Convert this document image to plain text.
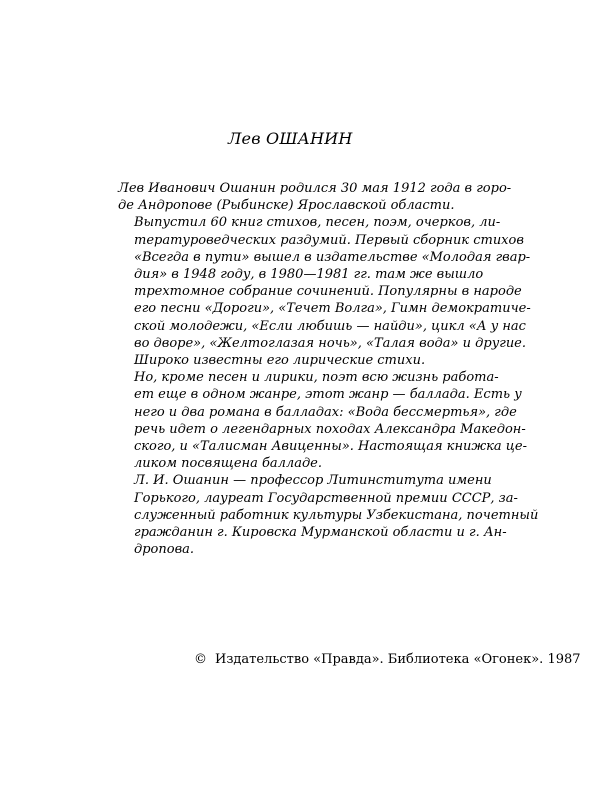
Лев ОШАНИН

Лев Иванович Ошанин родился 30 мая 1912 года в горо-
де Андропове (Рыбинске) Ярославской области.

Выпустил 60 книг стихов, песен, поэм, очерков, ли-
тературоведческих раздумий. Первый сборник стихов
«Всегда в пути» вышел в издательстве «Молодая гвар-
дия» в 1948 году, в 1980—1981 гг. там же вышло
трехтомное собрание сочинений. Популярны в народе
его песни «Дороги», «Течет Волга», Гимн демократиче-
ской молодежи, «Если любишь — найди», цикл «А у нас
во дворе», «Желтоглазая ночь», «Талая вода» и другие.
Широко известны его лирические стихи.

Но, кроме песен и лирики, поэт всю жизнь работа-
ет еще в одном жанре, этот жанр — баллада. Есть у
него и два романа в балладах: «Вода бессмертья», где
речь идет о легендарных походах Александра Македон-
ского, и «Талисман Авиценны». Настоящая книжка це-
ликом посвящена балладе.

Л. И. Ошанин — профессор Литинститута имени
Горького, лауреат Государственной премии СССР, за-
служенный работник культуры Узбекистана, почетный
гражданин г. Кировска Мурманской области и г. Ан-
дропова.

© Издательство «Правда». Библиотека «Огонек». 1987
